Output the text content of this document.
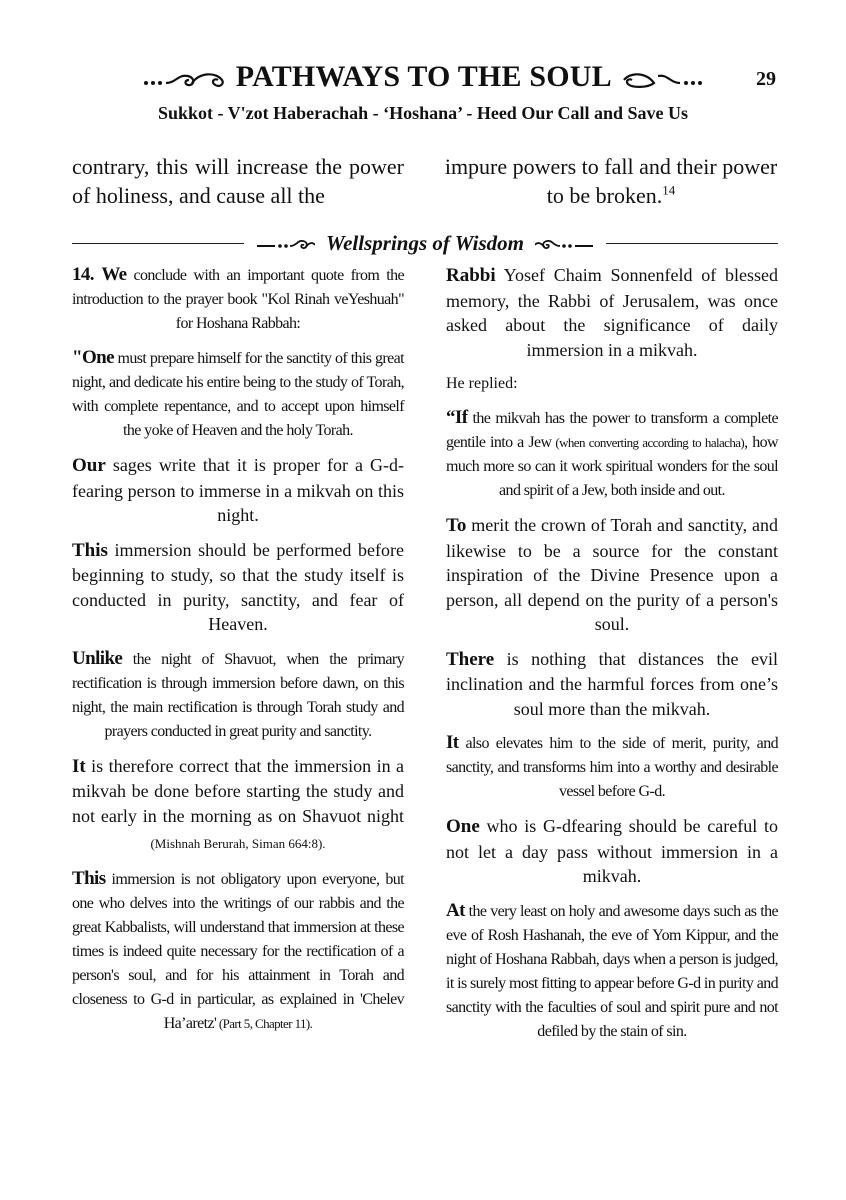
PATHWAYS TO THE SOUL	29
Sukkot - V'zot Haberachah - ‘Hoshana’ - Heed Our Call and Save Us
contrary, this will increase the power of holiness, and cause all the
impure powers to fall and their power to be broken.$^{14}$
Wellsprings of Wisdom

14. We conclude with an important quote from the introduction to the prayer book "Kol Rinah veYeshuah" for Hoshana Rabbah:

"One must prepare himself for the sanctity of this great night, and dedicate his entire being to the study of Torah, with complete repentance, and to accept upon himself the yoke of Heaven and the holy Torah.

Our sages write that it is proper for a G-d-fearing person to immerse in a mikvah on this night.

This immersion should be performed before beginning to study, so that the study itself is conducted in purity, sanctity, and fear of Heaven.

Unlike the night of Shavuot, when the primary rectification is through immersion before dawn, on this night, the main rectification is through Torah study and prayers conducted in great purity and sanctity.

It is therefore correct that the immersion in a mikvah be done before starting the study and not early in the morning as on Shavuot night (Mishnah Berurah, Siman 664:8).

This immersion is not obligatory upon everyone, but one who delves into the writings of our rabbis and the great Kabbalists, will understand that immersion at these times is indeed quite necessary for the rectification of a person's soul, and for his attainment in Torah and closeness to G-d in particular, as explained in 'Chelev Ha’aretz' (Part 5, Chapter 11).

Rabbi Yosef Chaim Sonnenfeld of blessed memory, the Rabbi of Jerusalem, was once asked about the significance of daily immersion in a mikvah.

He replied:

“If the mikvah has the power to transform a complete gentile into a Jew (when converting according to halacha), how much more so can it work spiritual wonders for the soul and spirit of a Jew, both inside and out.

To merit the crown of Torah and sanctity, and likewise to be a source for the constant inspiration of the Divine Presence upon a person, all depend on the purity of a person's soul.

There is nothing that distances the evil inclination and the harmful forces from one’s soul more than the mikvah.

It also elevates him to the side of merit, purity, and sanctity, and transforms him into a worthy and desirable vessel before G-d.

One who is G-dfearing should be careful to not let a day pass without immersion in a mikvah.

At the very least on holy and awesome days such as the eve of Rosh Hashanah, the eve of Yom Kippur, and the night of Hoshana Rabbah, days when a person is judged, it is surely most fitting to appear before G-d in purity and sanctity with the faculties of soul and spirit pure and not defiled by the stain of sin.
